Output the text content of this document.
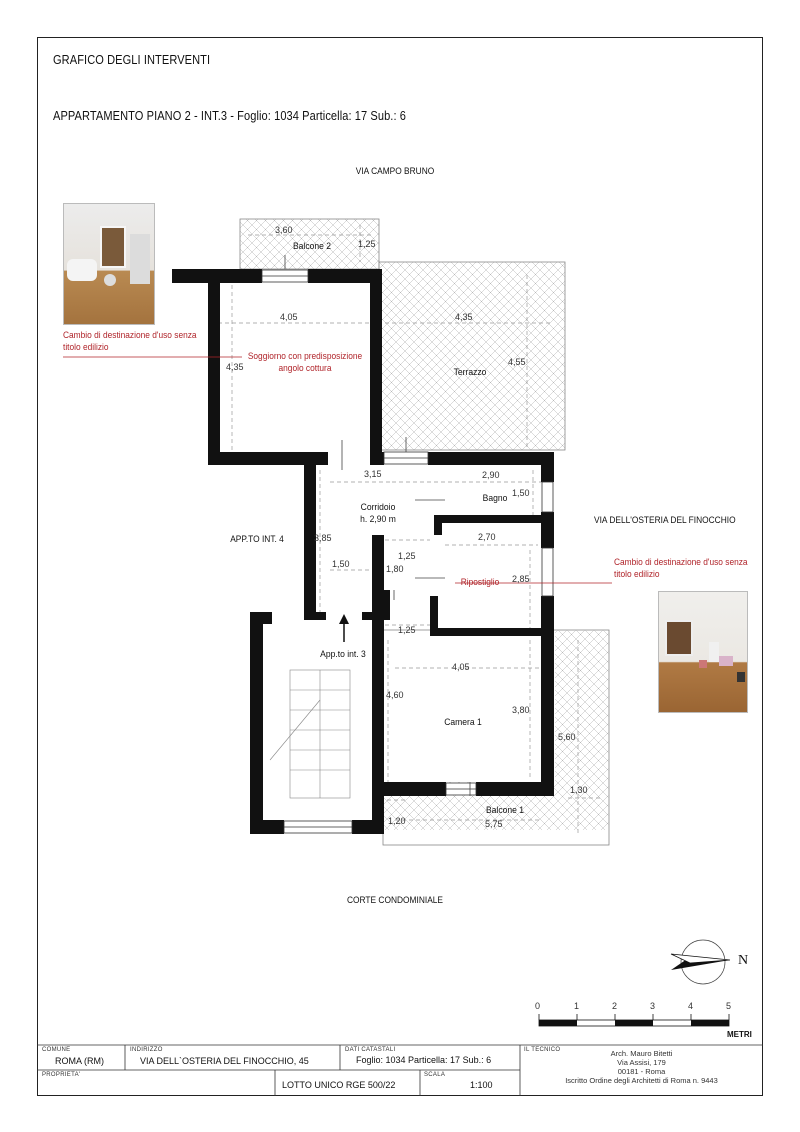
GRAFICO DEGLI INTERVENTI
APPARTAMENTO PIANO 2 - INT.3 - Foglio: 1034 Particella: 17 Sub.: 6
VIA CAMPO BRUNO
VIA DELL'OSTERIA DEL FINOCCHIO
CORTE CONDOMINIALE
APP.TO INT. 4
Cambio di destinazione d'uso senza
titolo edilizio
Cambio di destinazione d'uso senza
titolo edilizio
Balcone 2
Soggiorno con predisposizione
angolo cottura	Terrazzo
Corridoio
h. 2,90 m
Bagno
Ripostiglio
App.to int. 3
Camera 1
Balcone 1
3,60
1,25
4,05
4,35
4,35
4,55
3,15
3,85
1,50
2,90
1,50
2,70
1,25
1,80
1,25
2,85
4,05
4,60
3,80
5,60
1,30
1,20	5,75
N
0	1	2	3	4	5
METRI
COMUNE
ROMA (RM)
INDIRIZZO
VIA DELL`OSTERIA DEL FINOCCHIO, 45
DATI CATASTALI
Foglio: 1034 Particella: 17 Sub.: 6
IL TECNICO	Arch. Mauro Bitetti
Via Assisi, 179
00181 - Roma
Iscritto Ordine degli Architetti di Roma n. 9443
PROPRIETA'
LOTTO UNICO RGE 500/22
SCALA
1:100
